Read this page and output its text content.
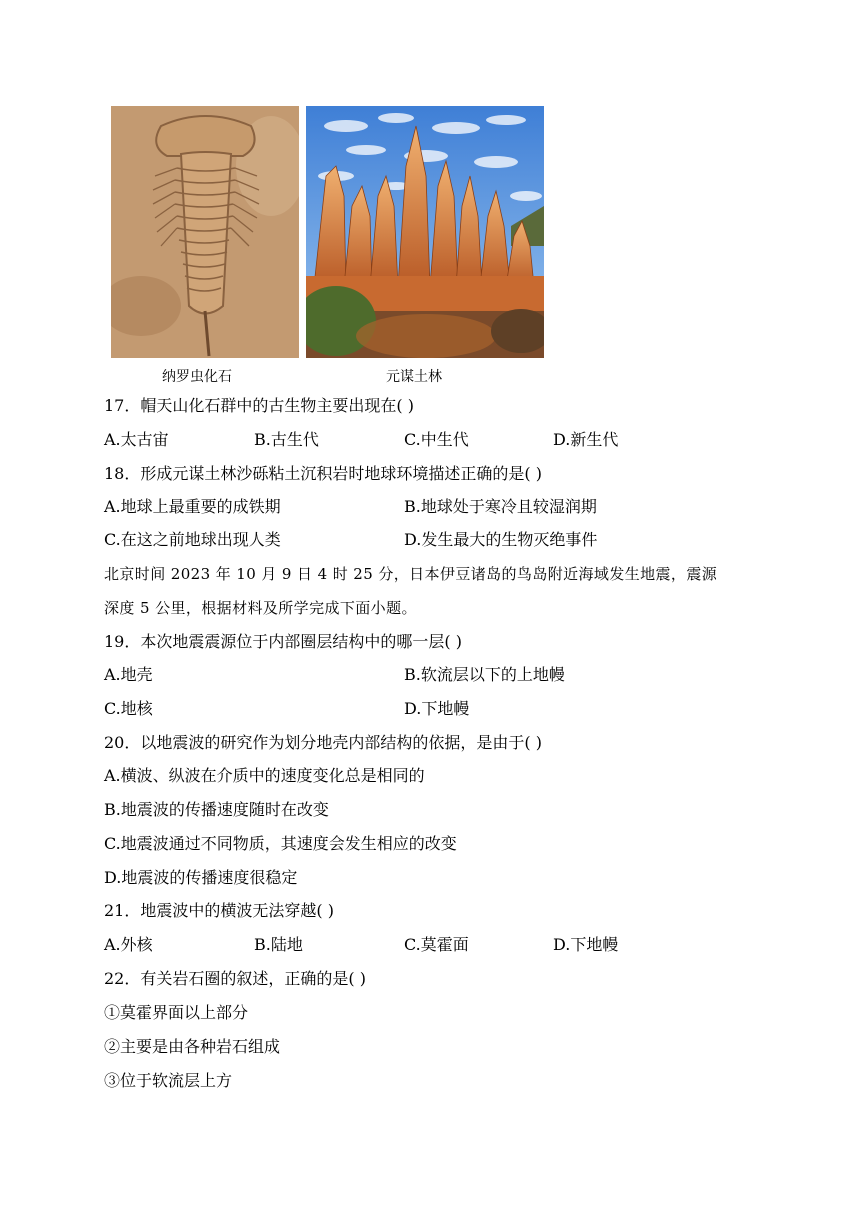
纳罗虫化石	元谋土林
17．帽天山化石群中的古生物主要出现在( )
A.太古宙	B.古生代	C.中生代	D.新生代
18．形成元谋土林沙砾粘土沉积岩时地球环境描述正确的是( )
A.地球上最重要的成铁期	B.地球处于寒冷且较湿润期
C.在这之前地球出现人类	D.发生最大的生物灭绝事件
北京时间 2023 年 10 月 9 日 4 时 25 分，日本伊豆诸岛的鸟岛附近海域发生地震，震源
深度 5 公里，根据材料及所学完成下面小题。
19．本次地震震源位于内部圈层结构中的哪一层( )
A.地壳	B.软流层以下的上地幔
C.地核	D.下地幔
20．以地震波的研究作为划分地壳内部结构的依据，是由于( )
A.横波、纵波在介质中的速度变化总是相同的
B.地震波的传播速度随时在改变
C.地震波通过不同物质，其速度会发生相应的改变
D.地震波的传播速度很稳定
21．地震波中的横波无法穿越( )
A.外核	B.陆地	C.莫霍面	D.下地幔
22．有关岩石圈的叙述，正确的是( )
①莫霍界面以上部分
②主要是由各种岩石组成
③位于软流层上方
